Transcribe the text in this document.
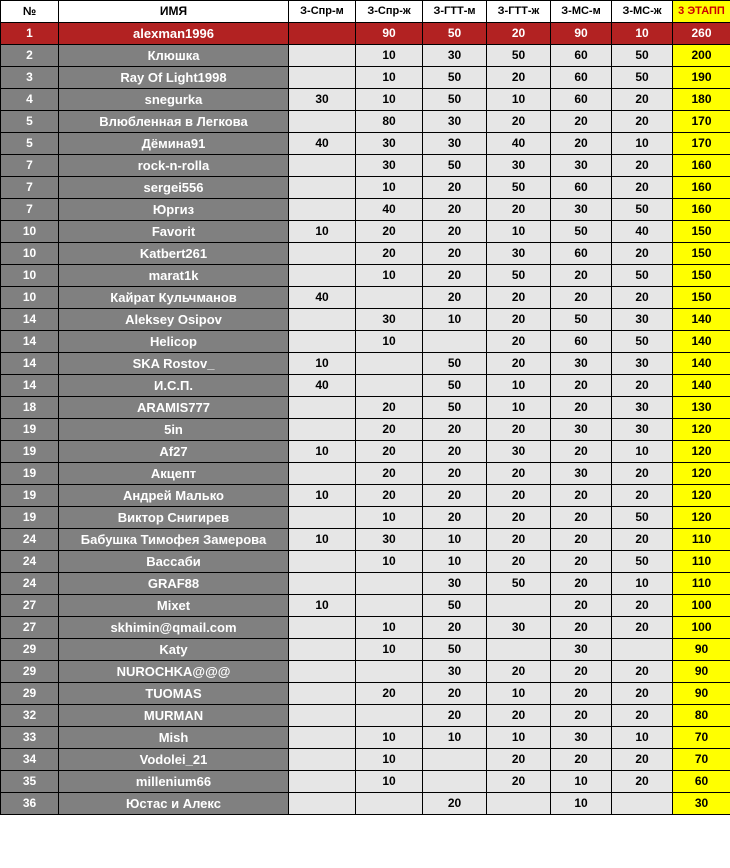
№	ИМЯ	З-Спр-м	З-Спр-ж	З-ГТТ-м	З-ГТТ-ж	З-МС-м	З-МС-ж	3 ЭТАПП
1	alexman1996		90	50	20	90	10	260
2	Клюшка		10	30	50	60	50	200
3	Ray Of Light1998		10	50	20	60	50	190
4	snegurka	30	10	50	10	60	20	180
5	Влюбленная в Легкова		80	30	20	20	20	170
5	Дёмина91	40	30	30	40	20	10	170
7	rock-n-rolla		30	50	30	30	20	160
7	sergei556		10	20	50	60	20	160
7	Юргиз		40	20	20	30	50	160
10	Favorit	10	20	20	10	50	40	150
10	Katbert261		20	20	30	60	20	150
10	marat1k		10	20	50	20	50	150
10	Кайрат Кульчманов	40		20	20	20	20	150
14	Aleksey Osipov		30	10	20	50	30	140
14	Helicop		10		20	60	50	140
14	SKA Rostov_	10		50	20	30	30	140
14	И.С.П.	40		50	10	20	20	140
18	ARAMIS777		20	50	10	20	30	130
19	5in		20	20	20	30	30	120
19	Af27	10	20	20	30	20	10	120
19	Акцепт		20	20	20	30	20	120
19	Андрей Малько	10	20	20	20	20	20	120
19	Виктор Снигирев		10	20	20	20	50	120
24	Бабушка Тимофея Замерова	10	30	10	20	20	20	110
24	Вассаби		10	10	20	20	50	110
24	GRAF88			30	50	20	10	110
27	Mixet	10		50		20	20	100
27	skhimin@qmail.com		10	20	30	20	20	100
29	Katy		10	50		30		90
29	NUROCHKA@@@			30	20	20	20	90
29	TUOMAS		20	20	10	20	20	90
32	MURMAN			20	20	20	20	80
33	Mish		10	10	10	30	10	70
34	Vodolei_21		10		20	20	20	70
35	millenium66		10		20	10	20	60
36	Юстас и Алекс			20		10		30
